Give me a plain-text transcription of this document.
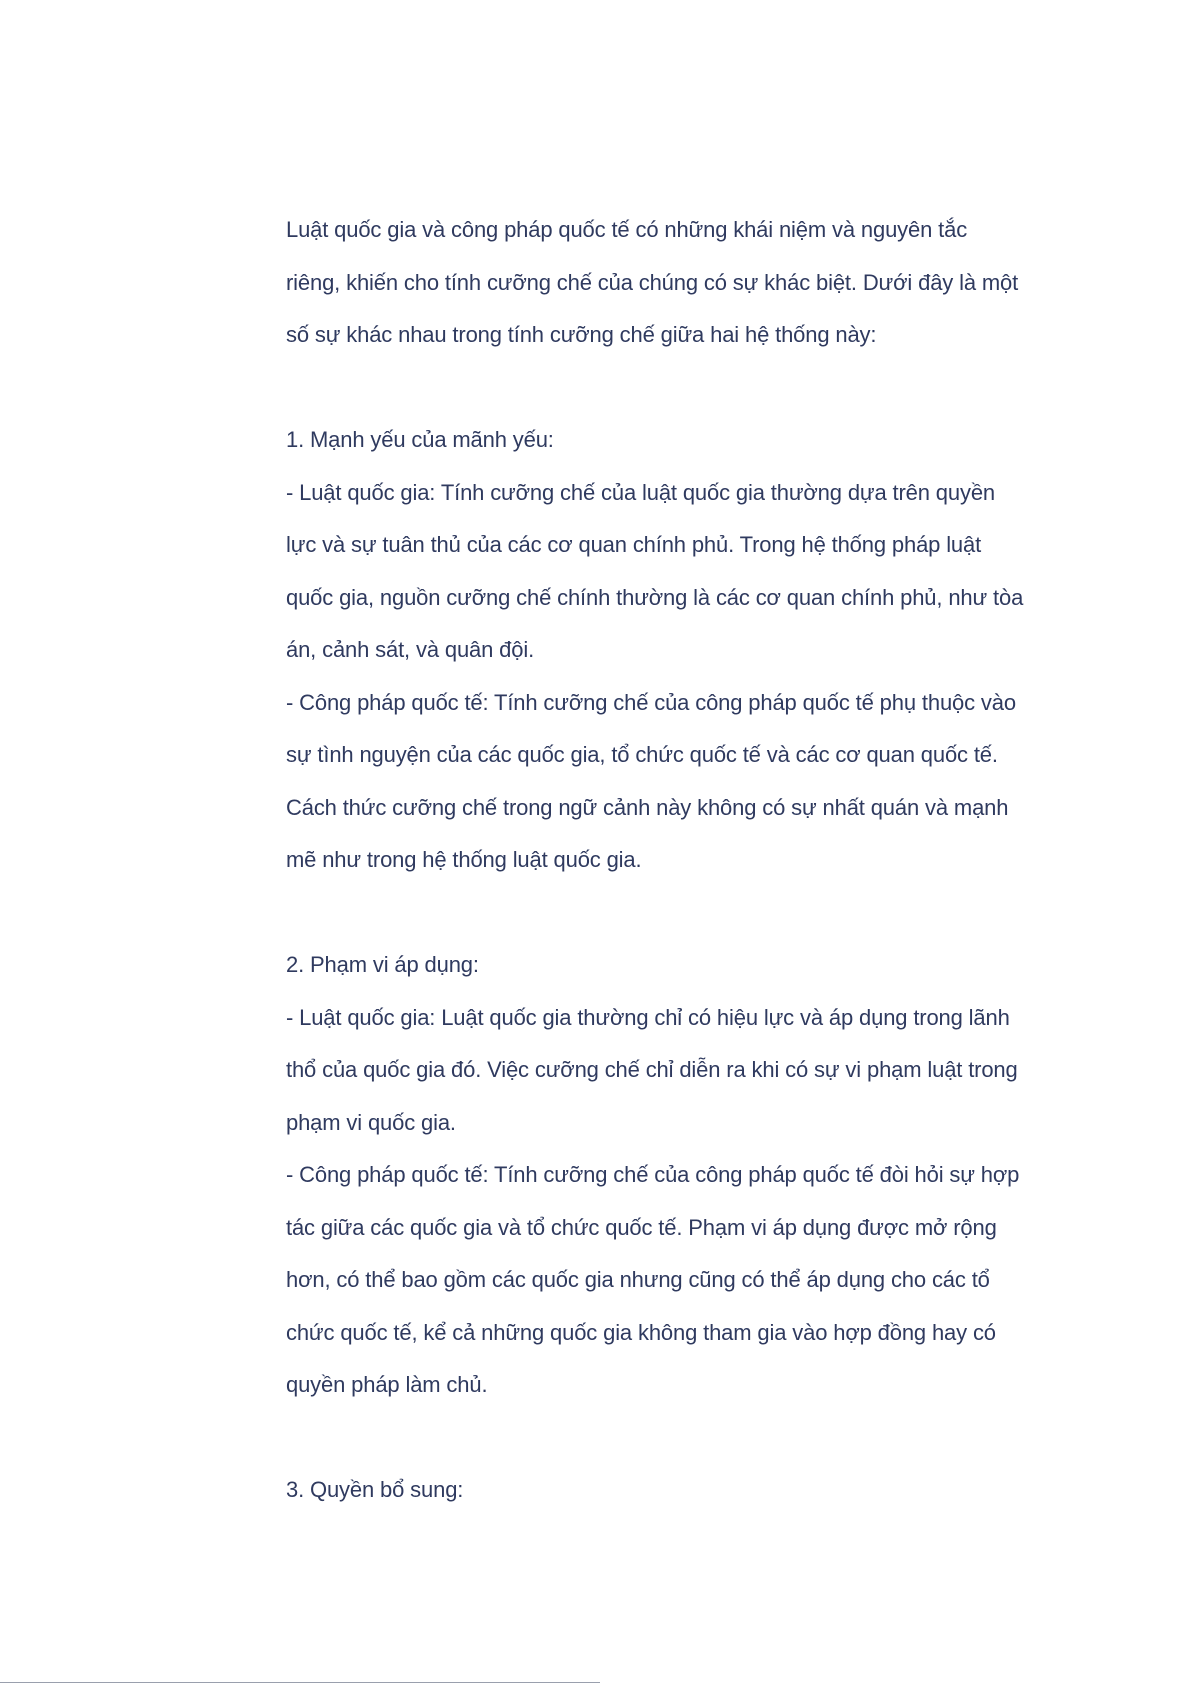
Luật quốc gia và công pháp quốc tế có những khái niệm và nguyên tắc
riêng, khiến cho tính cưỡng chế của chúng có sự khác biệt. Dưới đây là một
số sự khác nhau trong tính cưỡng chế giữa hai hệ thống này:
1. Mạnh yếu của mãnh yếu:
- Luật quốc gia: Tính cưỡng chế của luật quốc gia thường dựa trên quyền
lực và sự tuân thủ của các cơ quan chính phủ. Trong hệ thống pháp luật
quốc gia, nguồn cưỡng chế chính thường là các cơ quan chính phủ, như tòa
án, cảnh sát, và quân đội.
- Công pháp quốc tế: Tính cưỡng chế của công pháp quốc tế phụ thuộc vào
sự tình nguyện của các quốc gia, tổ chức quốc tế và các cơ quan quốc tế.
Cách thức cưỡng chế trong ngữ cảnh này không có sự nhất quán và mạnh
mẽ như trong hệ thống luật quốc gia.
2. Phạm vi áp dụng:
- Luật quốc gia: Luật quốc gia thường chỉ có hiệu lực và áp dụng trong lãnh
thổ của quốc gia đó. Việc cưỡng chế chỉ diễn ra khi có sự vi phạm luật trong
phạm vi quốc gia.
- Công pháp quốc tế: Tính cưỡng chế của công pháp quốc tế đòi hỏi sự hợp
tác giữa các quốc gia và tổ chức quốc tế. Phạm vi áp dụng được mở rộng
hơn, có thể bao gồm các quốc gia nhưng cũng có thể áp dụng cho các tổ
chức quốc tế, kể cả những quốc gia không tham gia vào hợp đồng hay có
quyền pháp làm chủ.
3. Quyền bổ sung:
